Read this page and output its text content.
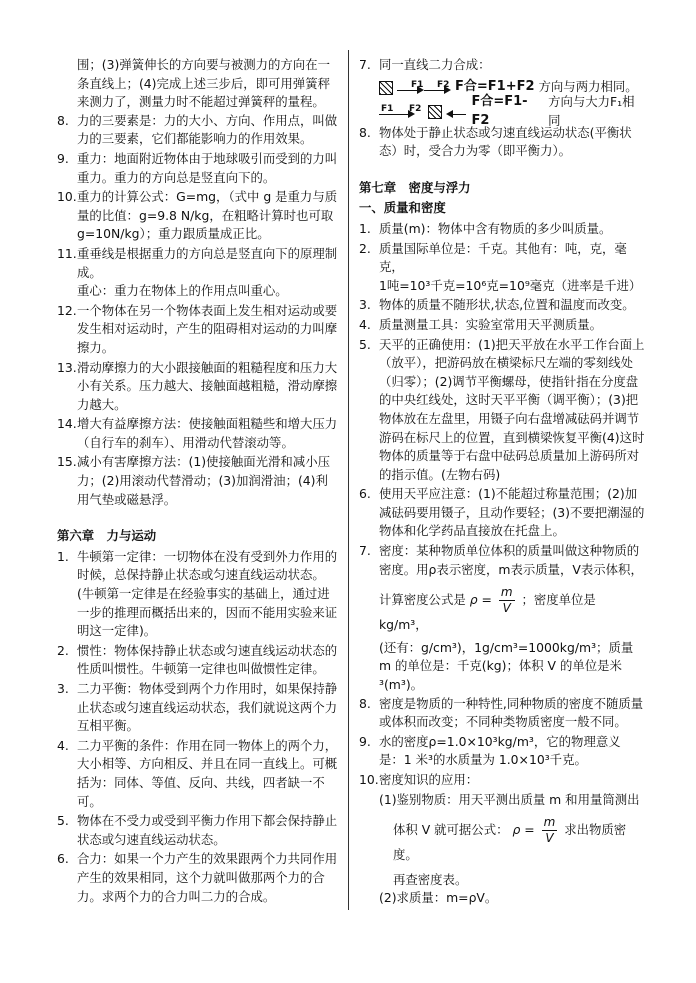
围；(3)弹簧伸长的方向要与被测力的方向在一条直线上；(4)完成上述三步后，即可用弹簧秤来测力了，测量力时不能超过弹簧秤的量程。
8. 力的三要素是：力的大小、方向、作用点，叫做力的三要素，它们都能影响力的作用效果。
9. 重力：地面附近物体由于地球吸引而受到的力叫重力。重力的方向总是竖直向下的。
10. 重力的计算公式：G=mg，（式中 g 是重力与质量的比值：g=9.8 N/kg，在粗略计算时也可取 g=10N/kg）；重力跟质量成正比。
11. 重垂线是根据重力的方向总是竖直向下的原理制成。
重心：重力在物体上的作用点叫重心。
12. 一个物体在另一个物体表面上发生相对运动或要发生相对运动时，产生的阻碍相对运动的力叫摩擦力。
13. 滑动摩擦力的大小跟接触面的粗糙程度和压力大小有关系。压力越大、接触面越粗糙，滑动摩擦力越大。
14. 增大有益摩擦方法：使接触面粗糙些和增大压力（自行车的刹车）、用滑动代替滚动等。
15. 减小有害摩擦方法：(1)使接触面光滑和减小压力；(2)用滚动代替滑动；(3)加润滑油；(4)利用气垫或磁悬浮。
第六章　力与运动
1. 牛顿第一定律：一切物体在没有受到外力作用的时候，总保持静止状态或匀速直线运动状态。(牛顿第一定律是在经验事实的基础上，通过进一步的推理而概括出来的，因而不能用实验来证明这一定律)。
2. 惯性：物体保持静止状态或匀速直线运动状态的性质叫惯性。牛顿第一定律也叫做惯性定律。
3. 二力平衡：物体受到两个力作用时，如果保持静止状态或匀速直线运动状态，我们就说这两个力互相平衡。
4. 二力平衡的条件：作用在同一物体上的两个力，大小相等、方向相反、并且在同一直线上。可概括为：同体、等值、反向、共线，四者缺一不可。
5. 物体在不受力或受到平衡力作用下都会保持静止状态或匀速直线运动状态。
6. 合力：如果一个力产生的效果跟两个力共同作用产生的效果相同，这个力就叫做那两个力的合力。求两个力的合力叫二力的合成。
7. 同一直线二力合成：
F1 F2 F合=F1+F2 方向与两力相同。
F1 F2	F合=F1-F2
方向与大力F₁相同
8. 物体处于静止状态或匀速直线运动状态(平衡状态）时，受合力为零（即平衡力）。
第七章　密度与浮力
一、质量和密度
1. 质量(m)：物体中含有物质的多少叫质量。
2. 质量国际单位是：千克。其他有：吨，克，毫克，
1吨=10³千克=10⁶克=10⁹毫克（进率是千进）
3. 物体的质量不随形状,状态,位置和温度而改变。
4. 质量测量工具：实验室常用天平测质量。
5. 天平的正确使用：(1)把天平放在水平工作台面上（放平），把游码放在横梁标尺左端的零刻线处（归零）；(2)调节平衡螺母，使指针指在分度盘的中央红线处，这时天平平衡（调平衡）；(3)把物体放在左盘里，用镊子向右盘增减砝码并调节游码在标尺上的位置，直到横梁恢复平衡(4)这时物体的质量等于右盘中砝码总质量加上游码所对的指示值。(左物右码)
6. 使用天平应注意：(1)不能超过称量范围；(2)加减砝码要用镊子，且动作要轻；(3)不要把潮湿的物体和化学药品直接放在托盘上。
7. 密度：某种物质单位体积的质量叫做这种物质的密度。用ρ表示密度，m表示质量，V表示体积，
计算密度公式是 $\rho = \frac{m}{V}$ ；密度单位是 kg/m³，
(还有：g/cm³)，1g/cm³=1000kg/m³；质量 m 的单位是：千克(kg)；体积 V 的单位是米³(m³)。
8. 密度是物质的一种特性,同种物质的密度不随质量或体积而改变；不同种类物质密度一般不同。
9. 水的密度ρ=1.0×10³kg/m³，它的物理意义是：1 米³的水质量为 1.0×10³千克。
10. 密度知识的应用：
(1)鉴别物质：用天平测出质量 m 和用量筒测出
体积 V 就可据公式： $\rho = \frac{m}{V}$ 求出物质密度。
再查密度表。
(2)求质量：m=ρV。
